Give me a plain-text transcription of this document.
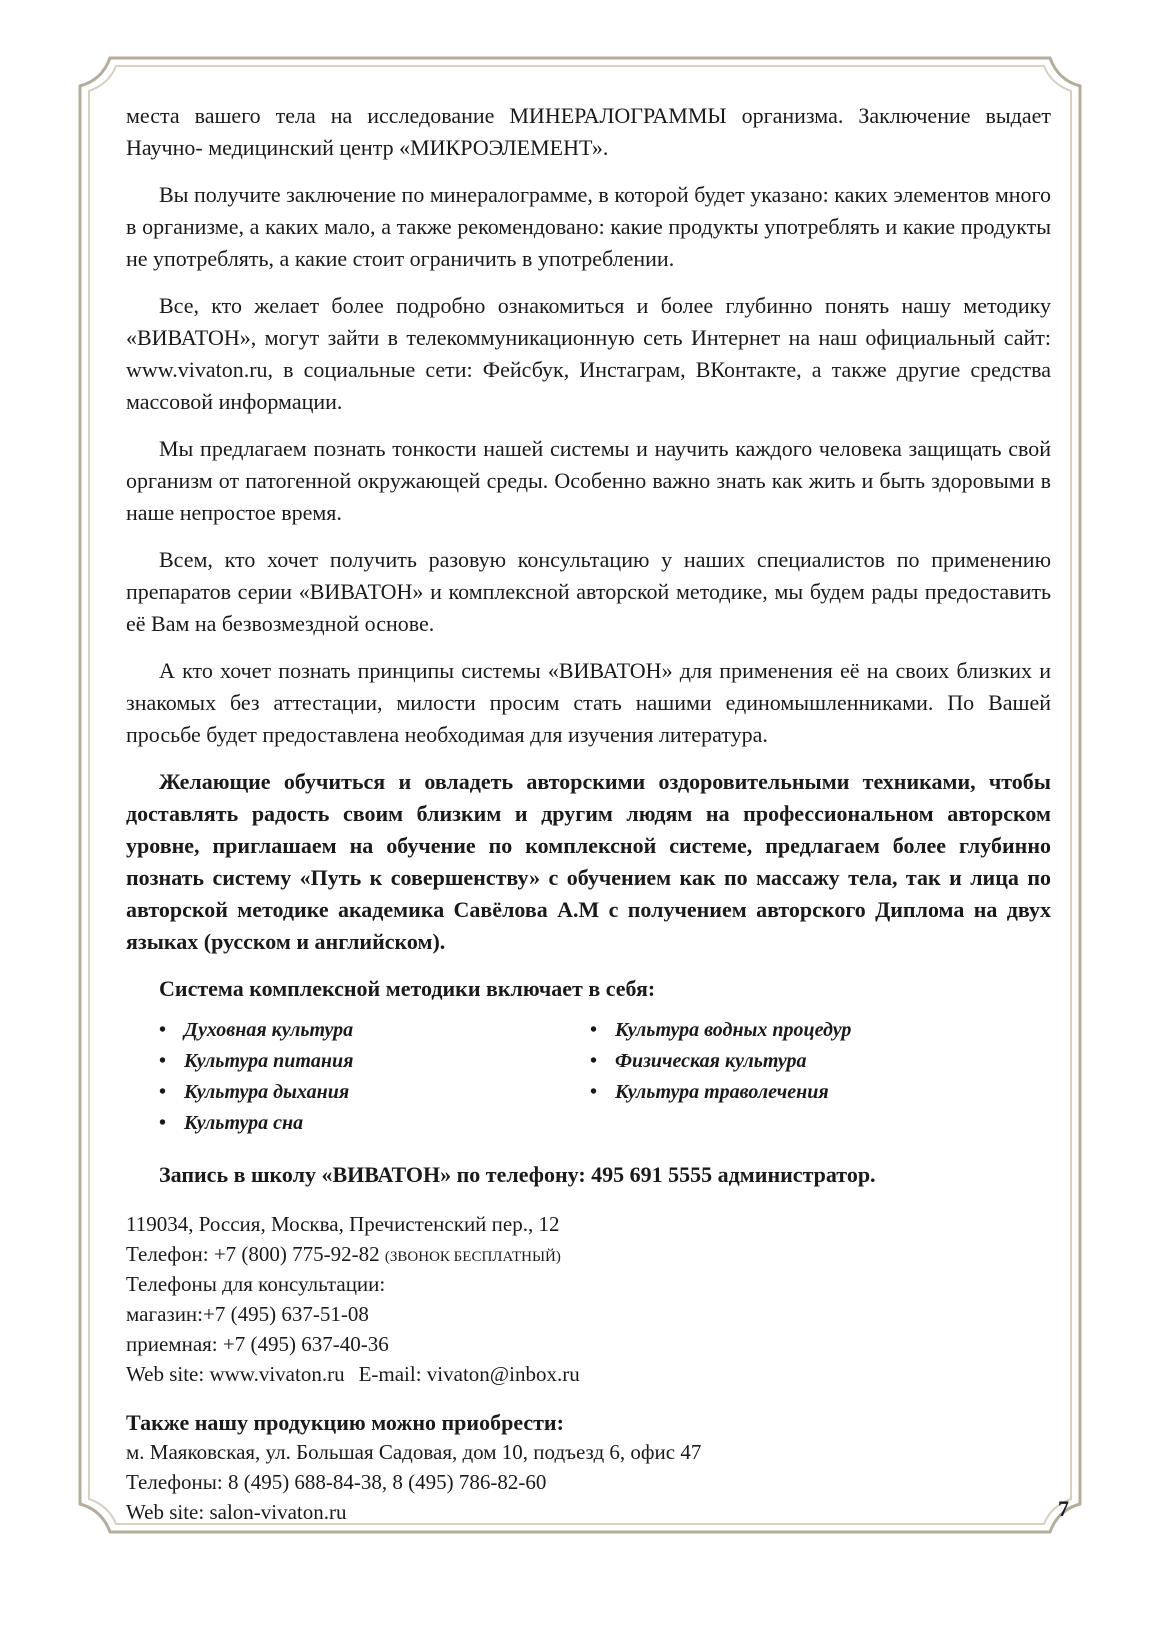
места вашего тела на исследование МИНЕРАЛОГРАММЫ организма. Заключение выдает Научно- медицинский центр «МИКРОЭЛЕМЕНТ».

Вы получите заключение по минералограмме, в которой будет указано: каких элементов много в организме, а каких мало, а также рекомендовано: какие продукты употреблять и какие продукты не употреблять, а какие стоит ограничить в употреблении.

Все, кто желает более подробно ознакомиться и более глубинно понять нашу методику «ВИВАТОН», могут зайти в телекоммуникационную сеть Интернет на наш официальный сайт: www.vivaton.ru, в социальные сети: Фейсбук, Инстаграм, ВКонтакте, а также другие средства массовой информации.

Мы предлагаем познать тонкости нашей системы и научить каждого человека защищать свой организм от патогенной окружающей среды. Особенно важно знать как жить и быть здоровыми в наше непростое время.

Всем, кто хочет получить разовую консультацию у наших специалистов по применению препаратов серии «ВИВАТОН» и комплексной авторской методике, мы будем рады предоставить её Вам на безвозмездной основе.

А кто хочет познать принципы системы «ВИВАТОН» для применения её на своих близких и знакомых без аттестации, милости просим стать нашими единомышленниками. По Вашей просьбе будет предоставлена необходимая для изучения литература.

Желающие обучиться и овладеть авторскими оздоровительными техниками, чтобы доставлять радость своим близким и другим людям на профессиональном авторском уровне, приглашаем на обучение по комплексной системе, предлагаем более глубинно познать систему «Путь к совершенству» с обучением как по массажу тела, так и лица по авторской методике академика Савёлова А.М с получением авторского Диплома на двух языках (русском и английском).

Система комплексной методики включает в себя:
• Духовная культура
• Культура питания
• Культура дыхания
• Культура сна
• Культура водных процедур
• Физическая культура
• Культура траволечения
Запись в школу «ВИВАТОН» по телефону: 495 691 5555 администратор.
119034, Россия, Москва, Пречистенский пер., 12
Телефон: +7 (800) 775-92-82 (ЗВОНОК БЕСПЛАТНЫЙ)
Телефоны для консультации:
магазин:+7 (495) 637-51-08
приемная: +7 (495) 637-40-36
Web site: www.vivaton.ru E-mail: vivaton@inbox.ru
Также нашу продукцию можно приобрести:
м. Маяковская, ул. Большая Садовая, дом 10, подъезд 6, офис 47
Телефоны: 8 (495) 688-84-38, 8 (495) 786-82-60
Web site: salon-vivaton.ru	7
